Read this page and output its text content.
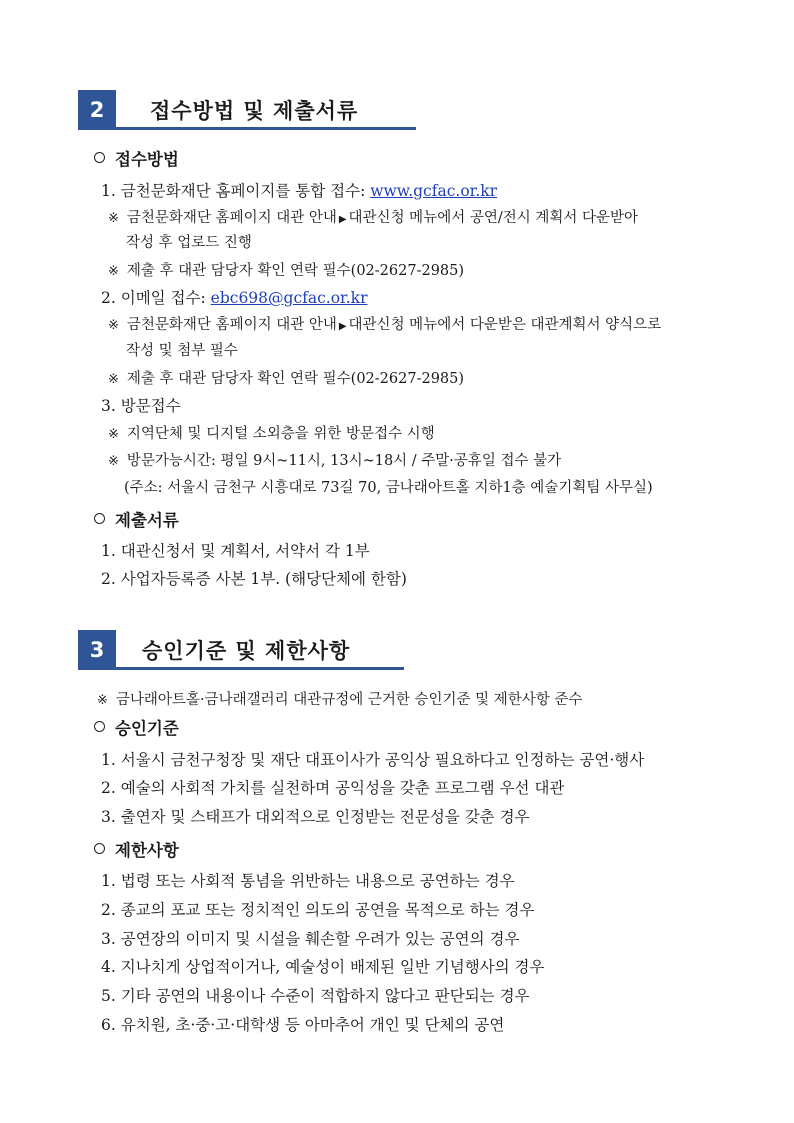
2	접수방법 및 제출서류
접수방법
1. 금천문화재단 홈페이지를 통합 접수: www.gcfac.or.kr
※ 금천문화재단 홈페이지 대관 안내 ▶ 대관신청 메뉴에서 공연/전시 계획서 다운받아
작성 후 업로드 진행
※ 제출 후 대관 담당자 확인 연락 필수(02-2627-2985)
2. 이메일 접수: ebc698@gcfac.or.kr
※ 금천문화재단 홈페이지 대관 안내 ▶ 대관신청 메뉴에서 다운받은 대관계획서 양식으로
작성 및 첨부 필수
※ 제출 후 대관 담당자 확인 연락 필수(02-2627-2985)
3. 방문접수
※ 지역단체 및 디지털 소외층을 위한 방문접수 시행
※ 방문가능시간: 평일 9시~11시, 13시~18시 / 주말·공휴일 접수 불가
(주소: 서울시 금천구 시흥대로 73길 70, 금나래아트홀 지하1층 예술기획팀 사무실)
제출서류
1. 대관신청서 및 계획서, 서약서 각 1부
2. 사업자등록증 사본 1부. (해당단체에 한함)
3	승인기준 및 제한사항
※ 금나래아트홀·금나래갤러리 대관규정에 근거한 승인기준 및 제한사항 준수
승인기준
1. 서울시 금천구청장 및 재단 대표이사가 공익상 필요하다고 인정하는 공연·행사
2. 예술의 사회적 가치를 실천하며 공익성을 갖춘 프로그램 우선 대관
3. 출연자 및 스태프가 대외적으로 인정받는 전문성을 갖춘 경우
제한사항
1. 법령 또는 사회적 통념을 위반하는 내용으로 공연하는 경우
2. 종교의 포교 또는 정치적인 의도의 공연을 목적으로 하는 경우
3. 공연장의 이미지 및 시설을 훼손할 우려가 있는 공연의 경우
4. 지나치게 상업적이거나, 예술성이 배제된 일반 기념행사의 경우
5. 기타 공연의 내용이나 수준이 적합하지 않다고 판단되는 경우
6. 유치원, 초·중·고·대학생 등 아마추어 개인 및 단체의 공연
